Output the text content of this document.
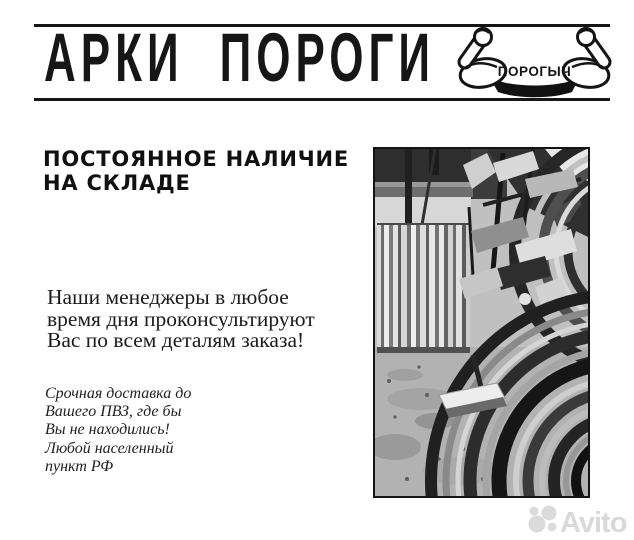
АРКИ ПОРОГИ	ПОРОГЫЧ
ПОСТОЯННОЕ НАЛИЧИЕ
НА СКЛАДЕ
Наши менеджеры в любое
время дня проконсультируют
Вас по всем деталям заказа!
Срочная доставка до
Вашего ПВЗ, где бы
Вы не находились!
Любой населенный
пункт РФ
Avito
